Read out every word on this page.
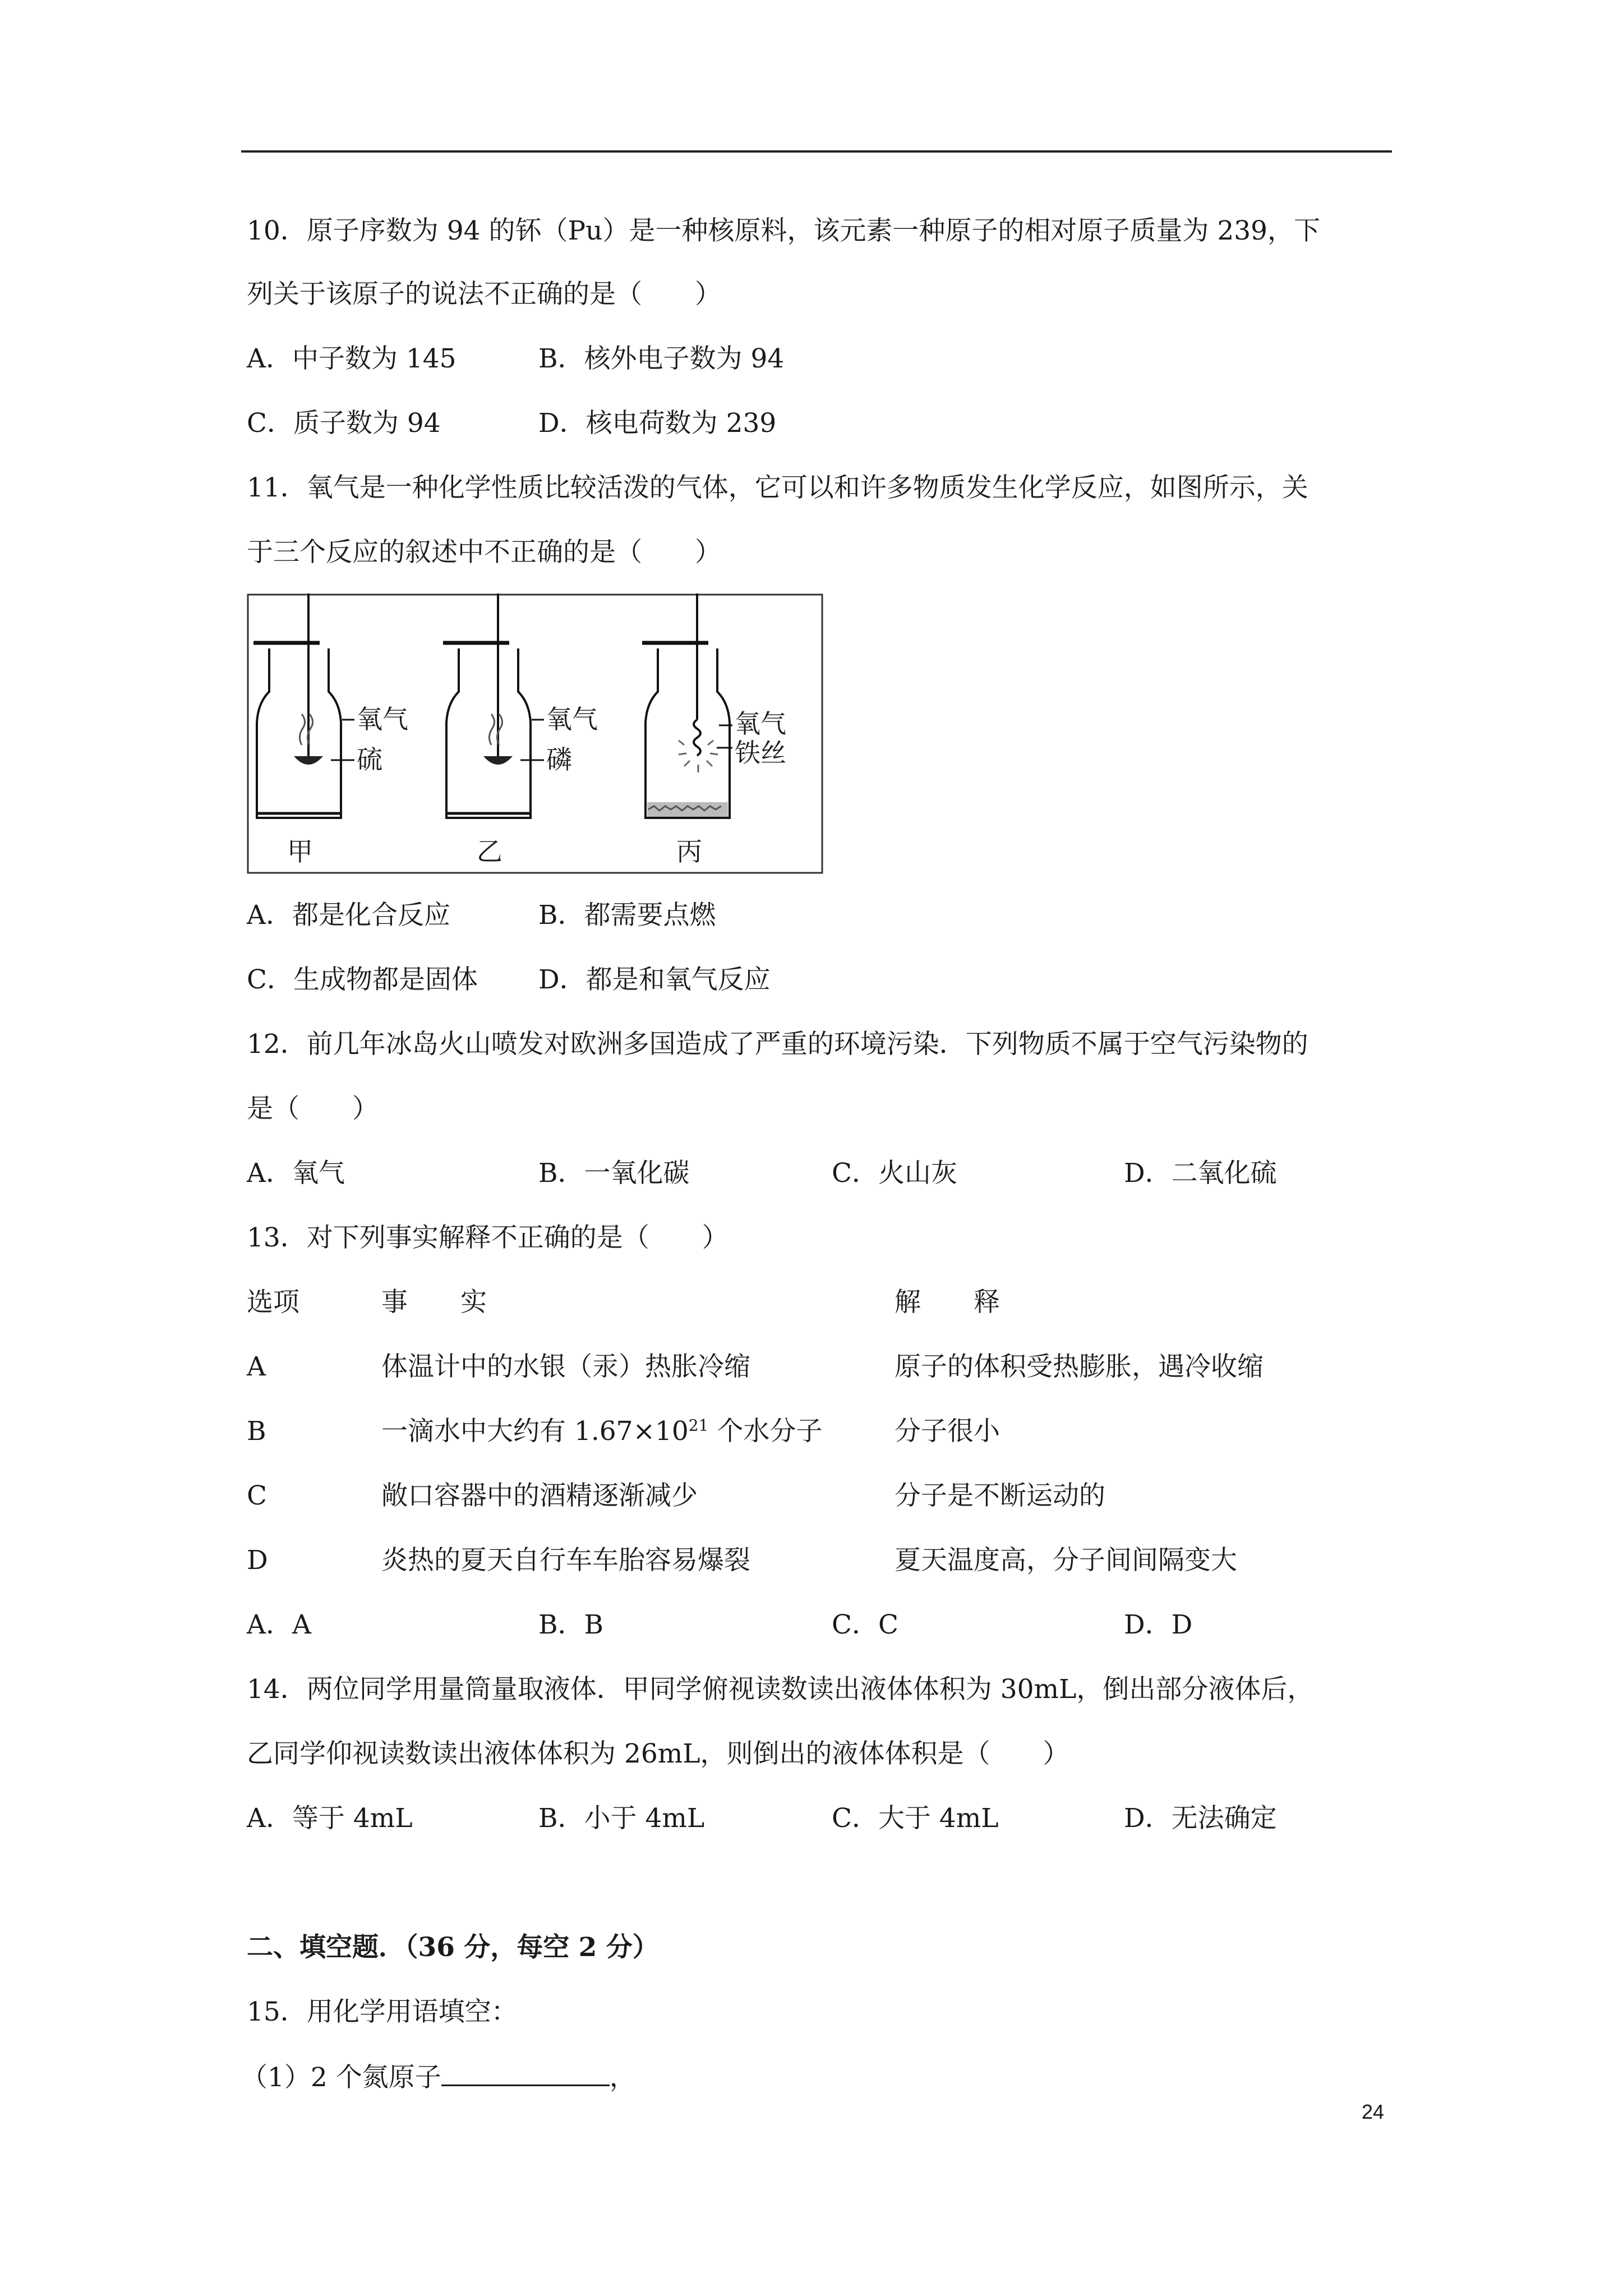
10．原子序数为 94 的钚（Pu）是一种核原料，该元素一种原子的相对原子质量为 239，下
列关于该原子的说法不正确的是（　　）
A．中子数为 145	B．核外电子数为 94
C．质子数为 94	D．核电荷数为 239
11．氧气是一种化学性质比较活泼的气体，它可以和许多物质发生化学反应，如图所示，关
于三个反应的叙述中不正确的是（　　）
氧气
硫
甲
氧气
磷
乙
氧气
铁丝
丙
A．都是化合反应	B．都需要点燃
C．生成物都是固体 D．都是和氧气反应
12．前几年冰岛火山喷发对欧洲多国造成了严重的环境污染．下列物质不属于空气污染物的
是（　　）
A．氧气	B．一氧化碳	C．火山灰	D．二氧化硫
13．对下列事实解释不正确的是（　　）
选项	事　　实	解　　释
A	体温计中的水银（汞）热胀冷缩	原子的体积受热膨胀，遇冷收缩
B	一滴水中大约有 $1.67\times 10^{21}$ 个水分子	分子很小
C	敞口容器中的酒精逐渐减少	分子是不断运动的
D	炎热的夏天自行车车胎容易爆裂	夏天温度高，分子间间隔变大
A．A	B．B	C．C	D．D
14．两位同学用量筒量取液体．甲同学俯视读数读出液体体积为 30mL，倒出部分液体后，
乙同学仰视读数读出液体体积为 26mL，则倒出的液体体积是（　　）
A．等于 4mL	B．小于 4mL	C．大于 4mL	D．无法确定
二、填空题．（36 分，每空 2 分）
15．用化学用语填空：
（1）2 个氮原子	，
24
